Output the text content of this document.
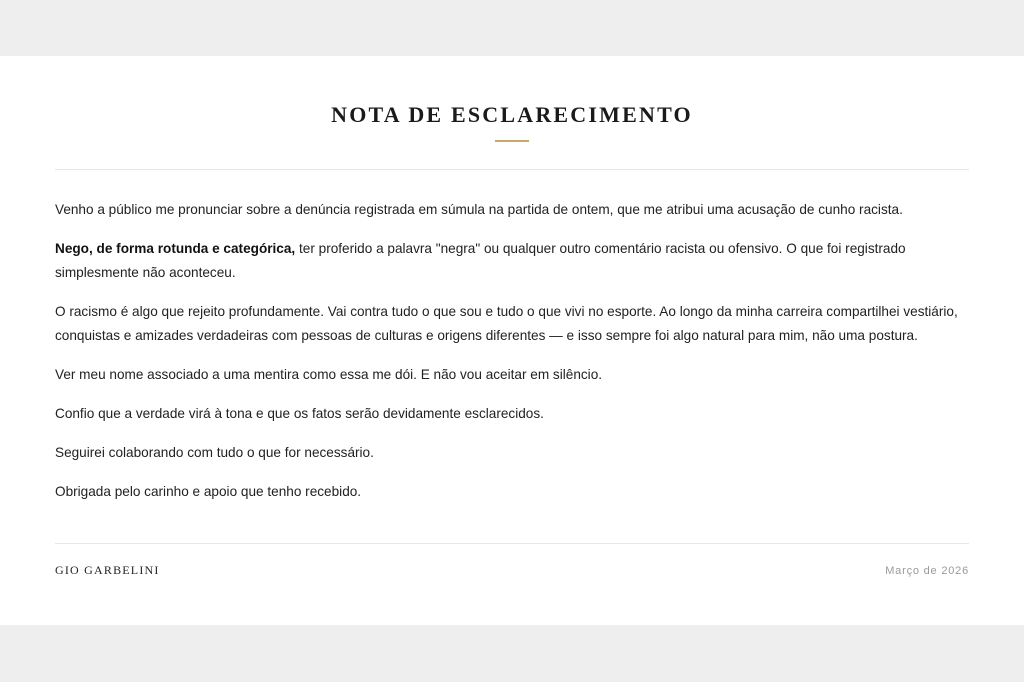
NOTA DE ESCLARECIMENTO

Venho a público me pronunciar sobre a denúncia registrada em súmula na partida de ontem, que me atribui uma acusação de cunho racista.

Nego, de forma rotunda e categórica, ter proferido a palavra "negra" ou qualquer outro comentário racista ou ofensivo. O que foi registrado simplesmente não aconteceu.

O racismo é algo que rejeito profundamente. Vai contra tudo o que sou e tudo o que vivi no esporte. Ao longo da minha carreira compartilhei vestiário, conquistas e amizades verdadeiras com pessoas de culturas e origens diferentes — e isso sempre foi algo natural para mim, não uma postura.

Ver meu nome associado a uma mentira como essa me dói. E não vou aceitar em silêncio.

Confio que a verdade virá à tona e que os fatos serão devidamente esclarecidos.

Seguirei colaborando com tudo o que for necessário.

Obrigada pelo carinho e apoio que tenho recebido.

GIO GARBELINI	Março de 2026
